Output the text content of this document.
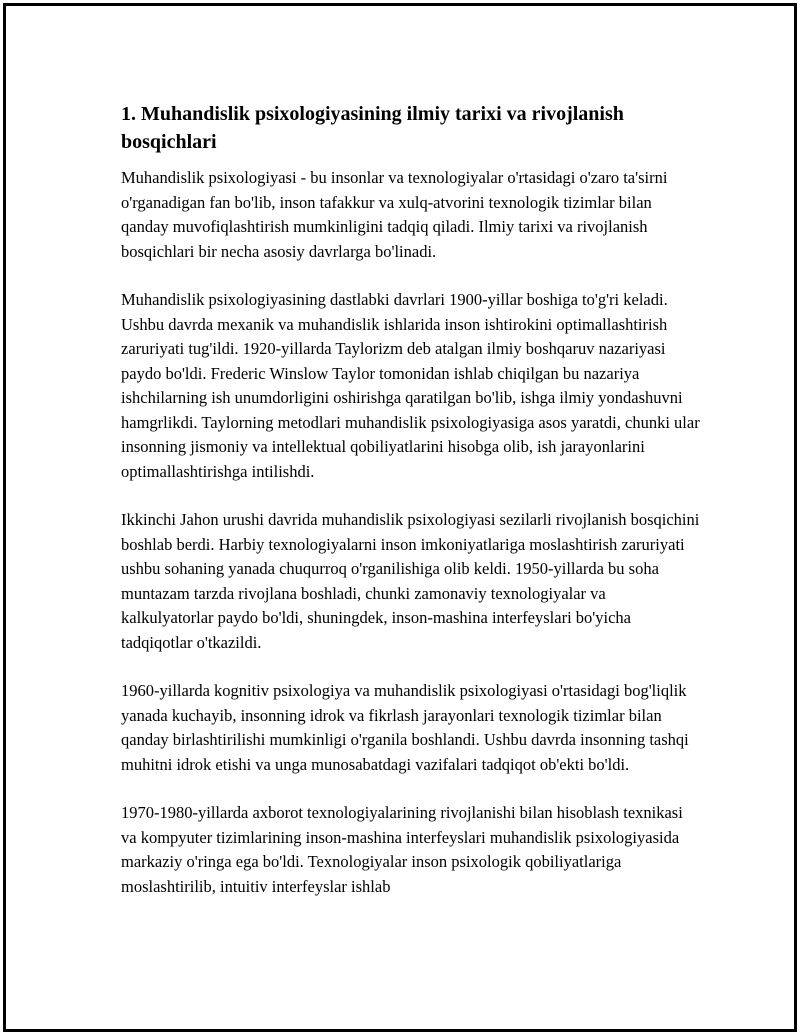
1. Muhandislik psixologiyasining ilmiy tarixi va rivojlanish bosqichlari

Muhandislik psixologiyasi - bu insonlar va texnologiyalar o'rtasidagi o'zaro ta'sirni o'rganadigan fan bo'lib, inson tafakkur va xulq-atvorini texnologik tizimlar bilan qanday muvofiqlashtirish mumkinligini tadqiq qiladi. Ilmiy tarixi va rivojlanish bosqichlari bir necha asosiy davrlarga bo'linadi.

Muhandislik psixologiyasining dastlabki davrlari 1900-yillar boshiga to'g'ri keladi. Ushbu davrda mexanik va muhandislik ishlarida inson ishtirokini optimallashtirish zaruriyati tug'ildi. 1920-yillarda Taylorizm deb atalgan ilmiy boshqaruv nazariyasi paydo bo'ldi. Frederic Winslow Taylor tomonidan ishlab chiqilgan bu nazariya ishchilarning ish unumdorligini oshirishga qaratilgan bo'lib, ishga ilmiy yondashuvni hamgrlikdi. Taylorning metodlari muhandislik psixologiyasiga asos yaratdi, chunki ular insonning jismoniy va intellektual qobiliyatlarini hisobga olib, ish jarayonlarini optimallashtirishga intilishdi.

Ikkinchi Jahon urushi davrida muhandislik psixologiyasi sezilarli rivojlanish bosqichini boshlab berdi. Harbiy texnologiyalarni inson imkoniyatlariga moslashtirish zaruriyati ushbu sohaning yanada chuqurroq o'rganilishiga olib keldi. 1950-yillarda bu soha muntazam tarzda rivojlana boshladi, chunki zamonaviy texnologiyalar va kalkulyatorlar paydo bo'ldi, shuningdek, inson-mashina interfeyslari bo'yicha tadqiqotlar o'tkazildi.

1960-yillarda kognitiv psixologiya va muhandislik psixologiyasi o'rtasidagi bog'liqlik yanada kuchayib, insonning idrok va fikrlash jarayonlari texnologik tizimlar bilan qanday birlashtirilishi mumkinligi o'rganila boshlandi. Ushbu davrda insonning tashqi muhitni idrok etishi va unga munosabatdagi vazifalari tadqiqot ob'ekti bo'ldi.

1970-1980-yillarda axborot texnologiyalarining rivojlanishi bilan hisoblash texnikasi va kompyuter tizimlarining inson-mashina interfeyslari muhandislik psixologiyasida markaziy o'ringa ega bo'ldi. Texnologiyalar inson psixologik qobiliyatlariga moslashtirilib, intuitiv interfeyslar ishlab
